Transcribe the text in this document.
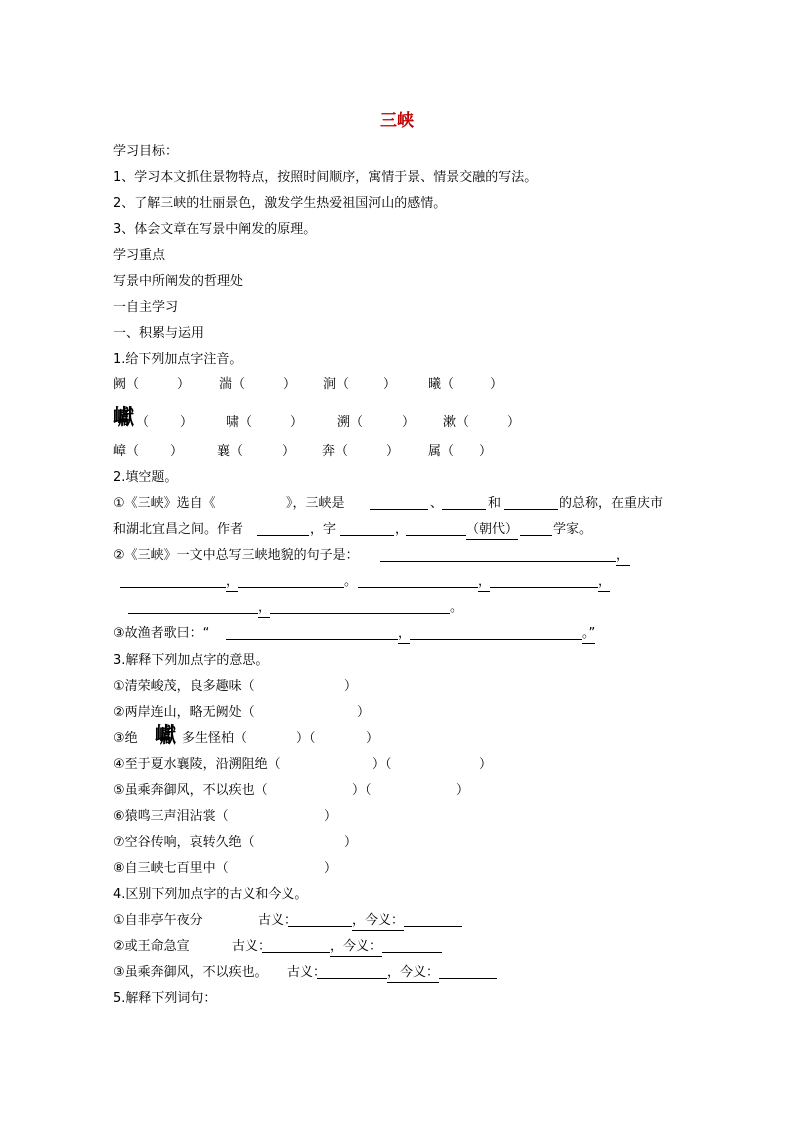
三峡
学习目标：
1、学习本文抓住景物特点，按照时间顺序，寓情于景、情景交融的写法。
2、了解三峡的壮丽景色，激发学生热爱祖国河山的感情。
3、体会文章在写景中阐发的原理。
学习重点
写景中所阐发的哲理处
一自主学习
一、积累与运用
1.给下列加点字注音。
阙（	） 湍（	） 涧（	） 曦（	）
巘 （ ）	啸（	）	溯（	） 漱（	）
嶂（ ）	襄（	） 奔（	） 属（ ）
2.填空题。
①《三峡》选自《	》，三峡是	、	和	的总称，在重庆市
和湖北宜昌之间。作者	，字	，	（朝代）	学家。
②《三峡》一文中总写三峡地貌的句子是：	，
，	。	，	，
，	。
③故渔者歌曰：“	，	。”
3.解释下列加点字的意思。
①清荣峻茂，良多趣味（	）
②两岸连山，略无阙处（	）
③绝 巘 多生怪柏（	）（	）
④至于夏水襄陵，沿溯阻绝（	）（	）
⑤虽乘奔御风，不以疾也（	）（	）
⑥猿鸣三声泪沾裳（	）
⑦空谷传响，哀转久绝（	）
⑧自三峡七百里中（	）
4.区别下列加点字的古义和今义。
①自非亭午夜分	古义：	，今义：
②或王命急宣	古义：	，今义：
③虽乘奔御风，不以疾也。 古义：	，今义：
5.解释下列词句：
